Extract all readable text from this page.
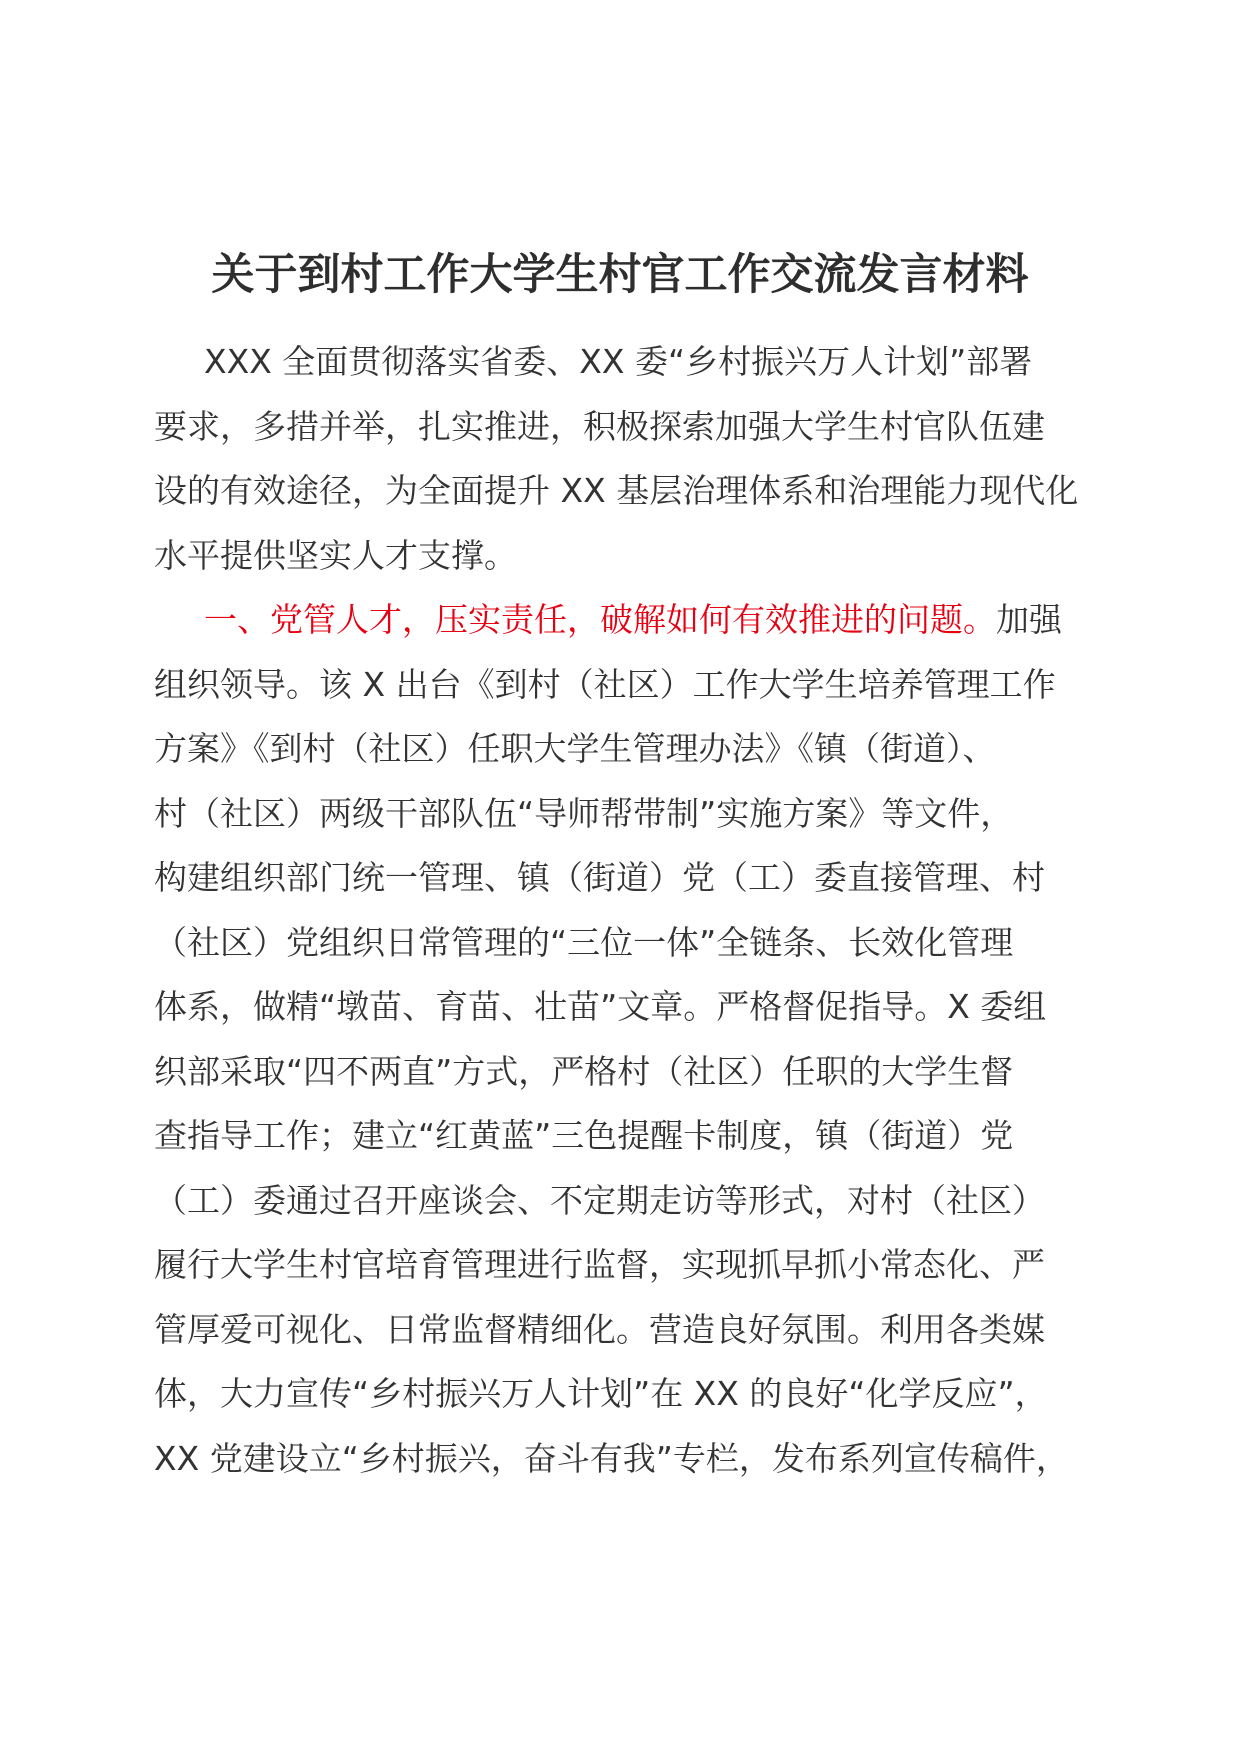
关于到村工作大学生村官工作交流发言材料
XXX 全面贯彻落实省委、XX 委“乡村振兴万人计划”部署
要求，多措并举，扎实推进，积极探索加强大学生村官队伍建
设的有效途径，为全面提升 XX 基层治理体系和治理能力现代化
水平提供坚实人才支撑。
一、党管人才，压实责任，破解如何有效推进的问题。加强
组织领导。该 X 出台《到村（社区）工作大学生培养管理工作
方案》《到村（社区）任职大学生管理办法》《镇（街道）、
村（社区）两级干部队伍“导师帮带制”实施方案》等文件，
构建组织部门统一管理、镇（街道）党（工）委直接管理、村
（社区）党组织日常管理的“三位一体”全链条、长效化管理
体系，做精“墩苗、育苗、壮苗”文章。严格督促指导。X 委组
织部采取“四不两直”方式，严格村（社区）任职的大学生督
查指导工作；建立“红黄蓝”三色提醒卡制度，镇（街道）党
（工）委通过召开座谈会、不定期走访等形式，对村（社区）
履行大学生村官培育管理进行监督，实现抓早抓小常态化、严
管厚爱可视化、日常监督精细化。营造良好氛围。利用各类媒
体，大力宣传“乡村振兴万人计划”在 XX 的良好“化学反应”，
XX 党建设立“乡村振兴，奋斗有我”专栏，发布系列宣传稿件，
